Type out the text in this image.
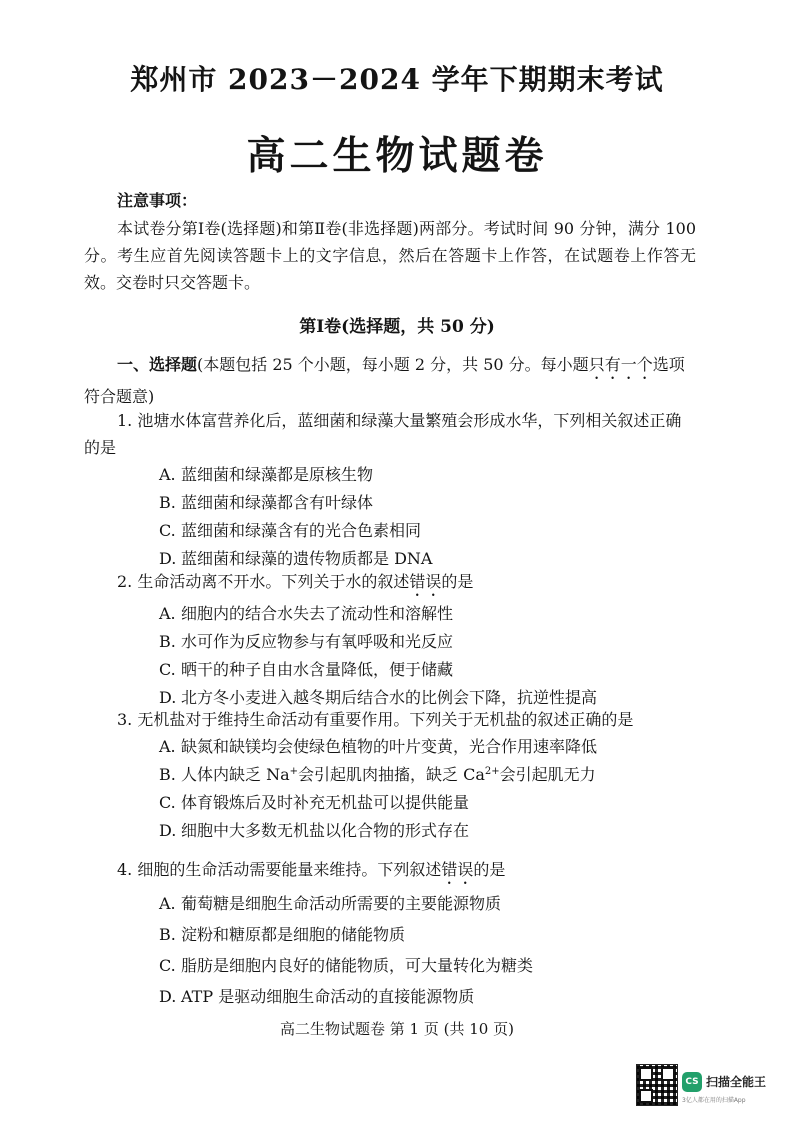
郑州市 2023－2024 学年下期期末考试
高二生物试题卷
注意事项：

本试卷分第Ⅰ卷(选择题)和第Ⅱ卷(非选择题)两部分。考试时间 90 分钟，满分 100 分。考生应首先阅读答题卡上的文字信息，然后在答题卡上作答，在试题卷上作答无效。交卷时只交答题卡。

第Ⅰ卷(选择题，共 50 分)
一、选择题(本题包括 25 个小题，每小题 2 分，共 50 分。每小题只有一个选项符合题意)
1. 池塘水体富营养化后，蓝细菌和绿藻大量繁殖会形成水华，下列相关叙述正确的是
A. 蓝细菌和绿藻都是原核生物
B. 蓝细菌和绿藻都含有叶绿体
C. 蓝细菌和绿藻含有的光合色素相同
D. 蓝细菌和绿藻的遗传物质都是 DNA
2. 生命活动离不开水。下列关于水的叙述错误的是
A. 细胞内的结合水失去了流动性和溶解性
B. 水可作为反应物参与有氧呼吸和光反应
C. 晒干的种子自由水含量降低，便于储藏
D. 北方冬小麦进入越冬期后结合水的比例会下降，抗逆性提高
3. 无机盐对于维持生命活动有重要作用。下列关于无机盐的叙述正确的是
A. 缺氮和缺镁均会使绿色植物的叶片变黄，光合作用速率降低
B. 人体内缺乏 Na+会引起肌肉抽搐，缺乏 $Ca^{2+}$会引起肌无力
C. 体育锻炼后及时补充无机盐可以提供能量
D. 细胞中大多数无机盐以化合物的形式存在
4. 细胞的生命活动需要能量来维持。下列叙述错误的是
A. 葡萄糖是细胞生命活动所需要的主要能源物质
B. 淀粉和糖原都是细胞的储能物质
C. 脂肪是细胞内良好的储能物质，可大量转化为糖类
D. ATP 是驱动细胞生命活动的直接能源物质
高二生物试题卷 第 1 页 (共 10 页)
CS 扫描全能王
3亿人都在用的扫描App
